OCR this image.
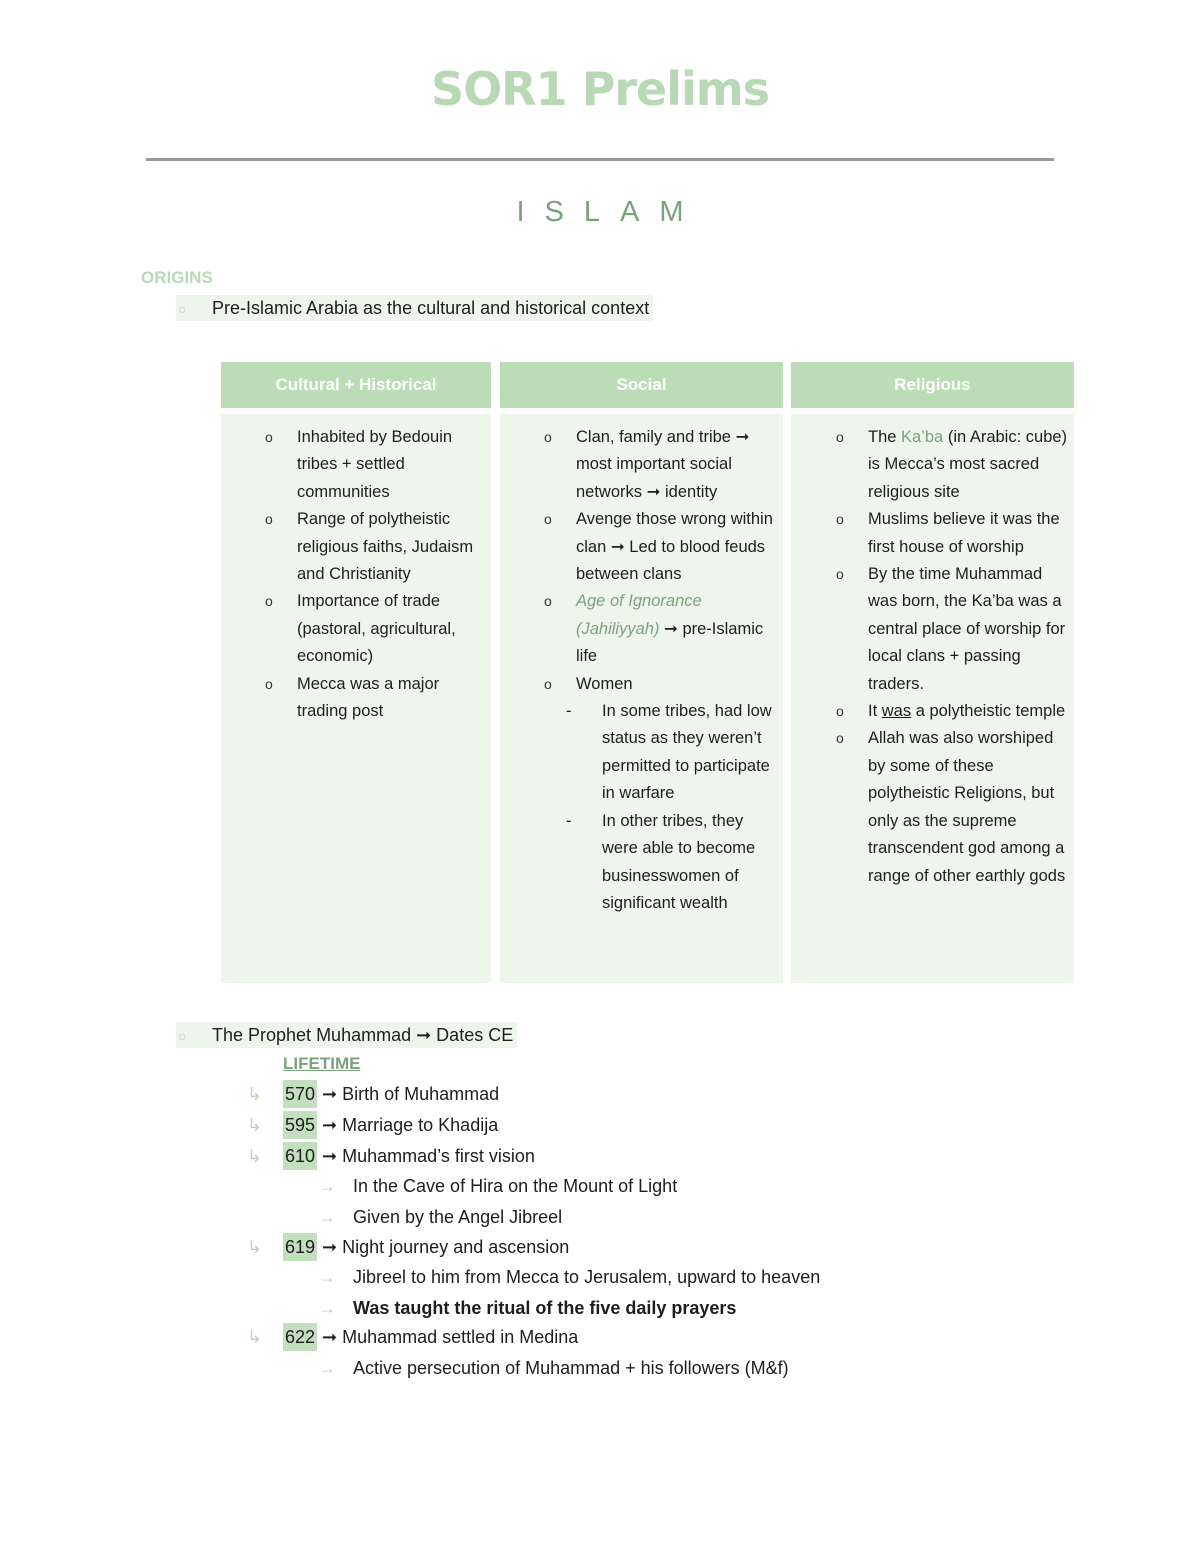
SOR1 Prelims
ISLAM
ORIGINS
○ Pre-Islamic Arabia as the cultural and historical context
Cultural + Historical
o Inhabited by Bedouin tribes + settled communities
o Range of polytheistic religious faiths, Judaism and Christianity
o Importance of trade (pastoral, agricultural, economic)
o Mecca was a major trading post
Social
o Clan, family and tribe ➞ most important social networks ➞ identity
o Avenge those wrong within clan ➞ Led to blood feuds between clans
o Age of Ignorance (Jahiliyyah) ➞ pre-Islamic life
o Women
- In some tribes, had low status as they weren’t permitted to participate in warfare
- In other tribes, they were able to become businesswomen of significant wealth
Religious
o The Ka’ba (in Arabic: cube) is Mecca’s most sacred religious site
o Muslims believe it was the first house of worship
o By the time Muhammad was born, the Ka’ba was a central place of worship for local clans + passing traders.
o It was a polytheistic temple
o Allah was also worshiped by some of these polytheistic Religions, but only as the supreme transcendent god among a range of other earthly gods
○ The Prophet Muhammad ➞ Dates CE
LIFETIME
↳ 570 ➞ Birth of Muhammad
↳ 595 ➞ Marriage to Khadija
↳ 610 ➞ Muhammad’s first vision
→ In the Cave of Hira on the Mount of Light
→ Given by the Angel Jibreel
↳ 619 ➞ Night journey and ascension
→ Jibreel to him from Mecca to Jerusalem, upward to heaven
→ Was taught the ritual of the five daily prayers
↳ 622 ➞ Muhammad settled in Medina
→ Active persecution of Muhammad + his followers (M&f)
